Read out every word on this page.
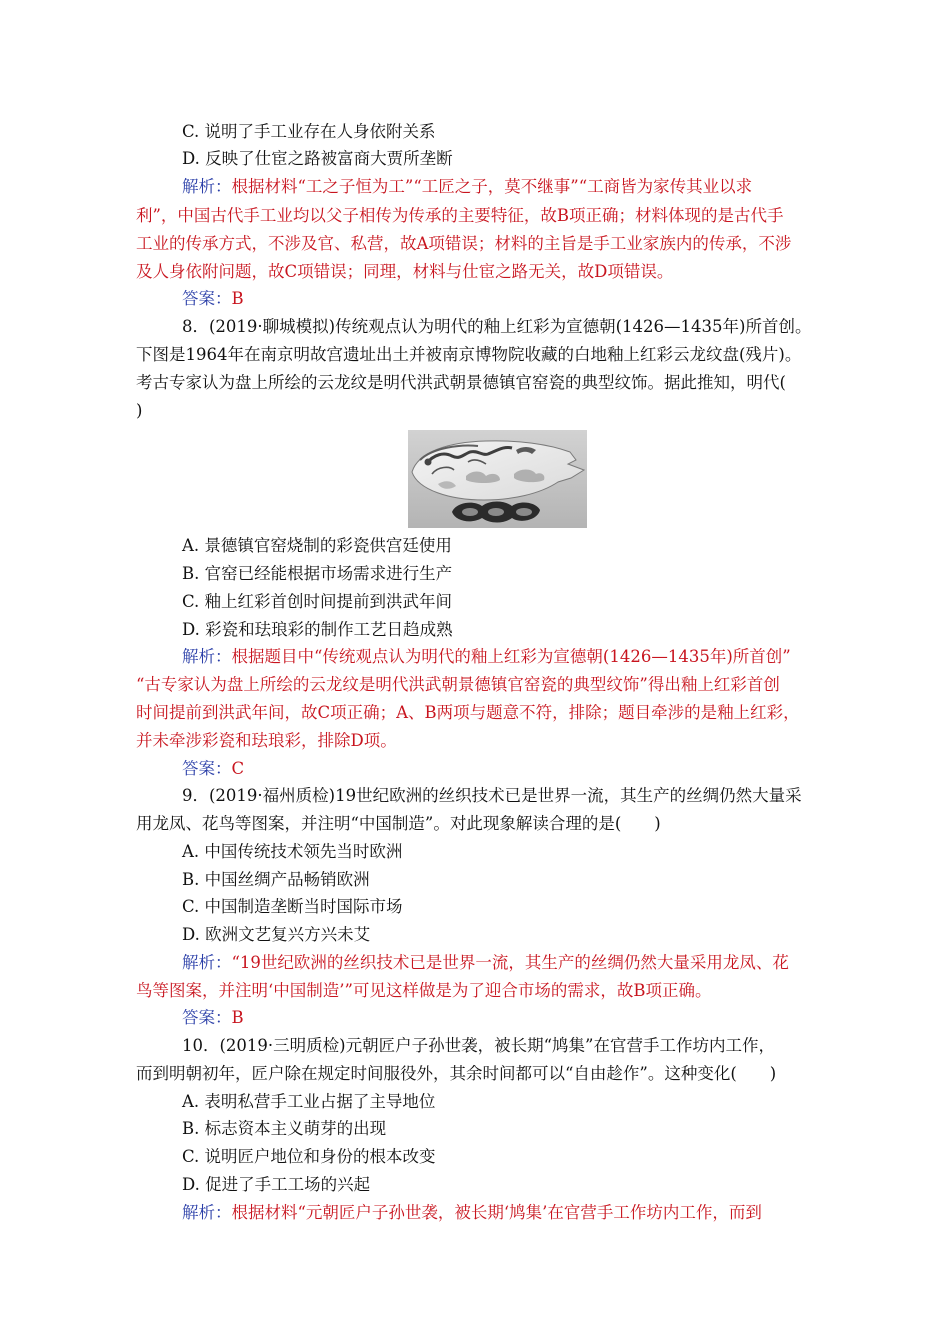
C. 说明了手工业存在人身依附关系
D. 反映了仕宦之路被富商大贾所垄断
解析：根据材料“工之子恒为工”“工匠之子，莫不继事”“工商皆为家传其业以求
利”，中国古代手工业均以父子相传为传承的主要特征，故B项正确；材料体现的是古代手
工业的传承方式，不涉及官、私营，故A项错误；材料的主旨是手工业家族内的传承，不涉
及人身依附问题，故C项错误；同理，材料与仕宦之路无关，故D项错误。
答案：B
8．(2019·聊城模拟)传统观点认为明代的釉上红彩为宣德朝(1426—1435年)所首创。
下图是1964年在南京明故宫遗址出土并被南京博物院收藏的白地釉上红彩云龙纹盘(残片)。
考古专家认为盘上所绘的云龙纹是明代洪武朝景德镇官窑瓷的典型纹饰。据此推知，明代(
)
A. 景德镇官窑烧制的彩瓷供宫廷使用
B. 官窑已经能根据市场需求进行生产
C. 釉上红彩首创时间提前到洪武年间
D. 彩瓷和珐琅彩的制作工艺日趋成熟
解析：根据题目中“传统观点认为明代的釉上红彩为宣德朝(1426—1435年)所首创”
“古专家认为盘上所绘的云龙纹是明代洪武朝景德镇官窑瓷的典型纹饰”得出釉上红彩首创
时间提前到洪武年间，故C项正确；A、B两项与题意不符，排除；题目牵涉的是釉上红彩，
并未牵涉彩瓷和珐琅彩，排除D项。
答案：C
9．(2019·福州质检)19世纪欧洲的丝织技术已是世界一流，其生产的丝绸仍然大量采
用龙凤、花鸟等图案，并注明“中国制造”。对此现象解读合理的是(　　)
A. 中国传统技术领先当时欧洲
B. 中国丝绸产品畅销欧洲
C. 中国制造垄断当时国际市场
D. 欧洲文艺复兴方兴未艾
解析：“19世纪欧洲的丝织技术已是世界一流，其生产的丝绸仍然大量采用龙凤、花
鸟等图案，并注明‘中国制造’”可见这样做是为了迎合市场的需求，故B项正确。
答案：B
10．(2019·三明质检)元朝匠户子孙世袭，被长期“鸠集”在官营手工作坊内工作，
而到明朝初年，匠户除在规定时间服役外，其余时间都可以“自由趁作”。这种变化(　　)
A. 表明私营手工业占据了主导地位
B. 标志资本主义萌芽的出现
C. 说明匠户地位和身份的根本改变
D. 促进了手工工场的兴起
解析：根据材料“元朝匠户子孙世袭，被长期‘鸠集’在官营手工作坊内工作，而到
